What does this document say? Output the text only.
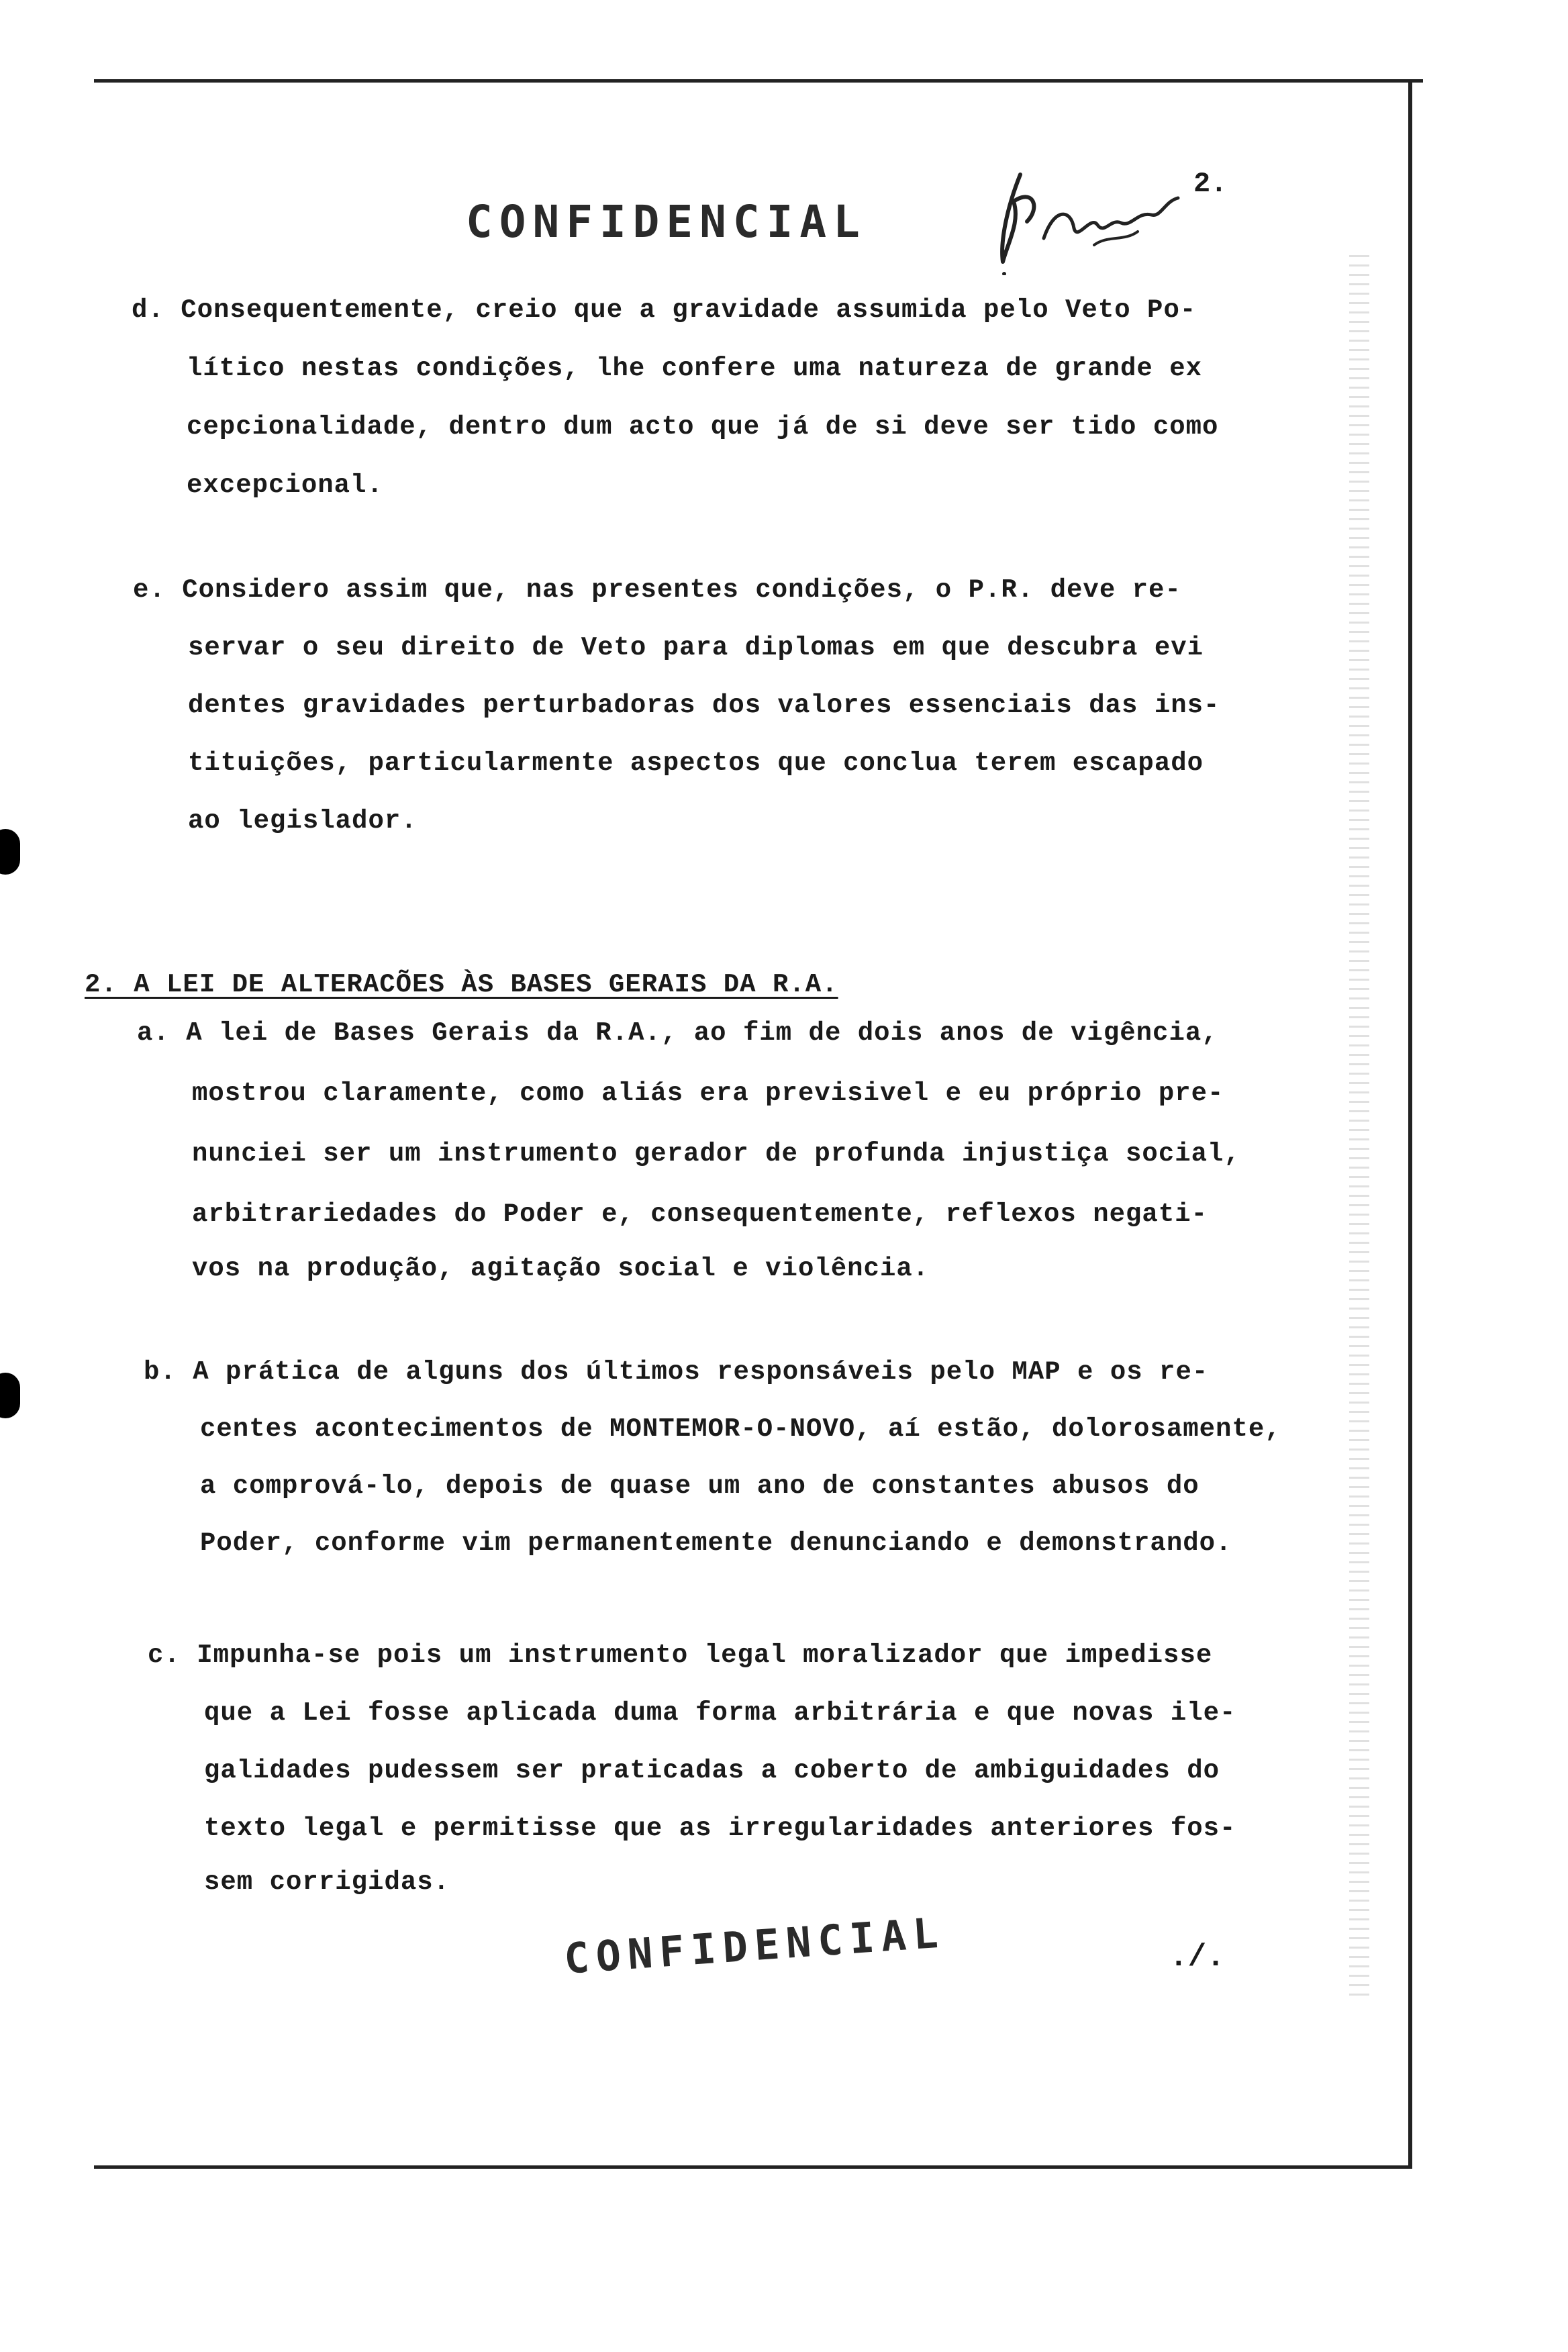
CONFIDENCIAL
2.
d. Consequentemente, creio que a gravidade assumida pelo Veto Po-
lítico nestas condições, lhe confere uma natureza de grande ex
cepcionalidade, dentro dum acto que já de si deve ser tido como
excepcional.
e. Considero assim que, nas presentes condições, o P.R. deve re-
servar o seu direito de Veto para diplomas em que descubra evi
dentes gravidades perturbadoras dos valores essenciais das ins-
tituições, particularmente aspectos que conclua terem escapado
ao legislador.
2. A LEI DE ALTERACÕES ÀS BASES GERAIS DA R.A.
a. A lei de Bases Gerais da R.A., ao fim de dois anos de vigência,
mostrou claramente, como aliás era previsivel e eu próprio pre-
nunciei ser um instrumento gerador de profunda injustiça social,
arbitrariedades do Poder e, consequentemente, reflexos negati-
vos na produção, agitação social e violência.
b. A prática de alguns dos últimos responsáveis pelo MAP e os re-
centes acontecimentos de MONTEMOR-O-NOVO, aí estão, dolorosamente,
a comprová-lo, depois de quase um ano de constantes abusos do
Poder, conforme vim permanentemente denunciando e demonstrando.
c. Impunha-se pois um instrumento legal moralizador que impedisse
que a Lei fosse aplicada duma forma arbitrária e que novas ile-
galidades pudessem ser praticadas a coberto de ambiguidades do
texto legal e permitisse que as irregularidades anteriores fos-
sem corrigidas.
CONFIDENCIAL	./.
